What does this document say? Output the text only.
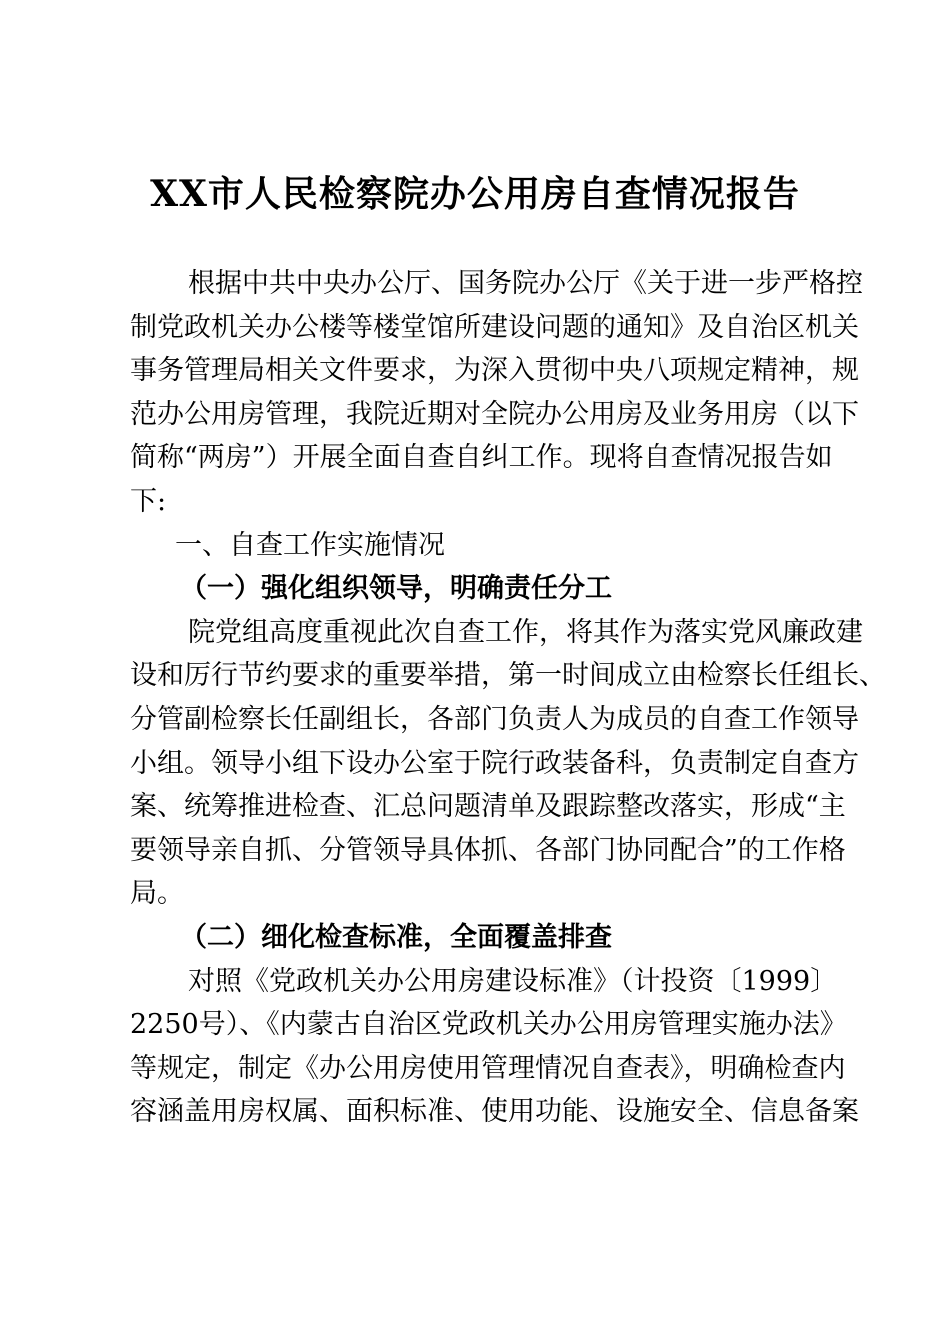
XX市人民检察院办公用房自查情况报告
根据中共中央办公厅、国务院办公厅《关于进一步严格控
制党政机关办公楼等楼堂馆所建设问题的通知》及自治区机关
事务管理局相关文件要求，为深入贯彻中央八项规定精神，规
范办公用房管理，我院近期对全院办公用房及业务用房（以下
简称“两房”）开展全面自查自纠工作。现将自查情况报告如
下:
一、自查工作实施情况
（一）强化组织领导，明确责任分工
院党组高度重视此次自查工作，将其作为落实党风廉政建
设和厉行节约要求的重要举措，第一时间成立由检察长任组长、
分管副检察长任副组长，各部门负责人为成员的自查工作领导
小组。领导小组下设办公室于院行政装备科，负责制定自查方
案、统筹推进检查、汇总问题清单及跟踪整改落实，形成“主
要领导亲自抓、分管领导具体抓、各部门协同配合”的工作格
局。
（二）细化检查标准，全面覆盖排查
对照《党政机关办公用房建设标准》（计投资〔1999〕
2250号）、《内蒙古自治区党政机关办公用房管理实施办法》
等规定，制定《办公用房使用管理情况自查表》，明确检查内
容涵盖用房权属、面积标准、使用功能、设施安全、信息备案
